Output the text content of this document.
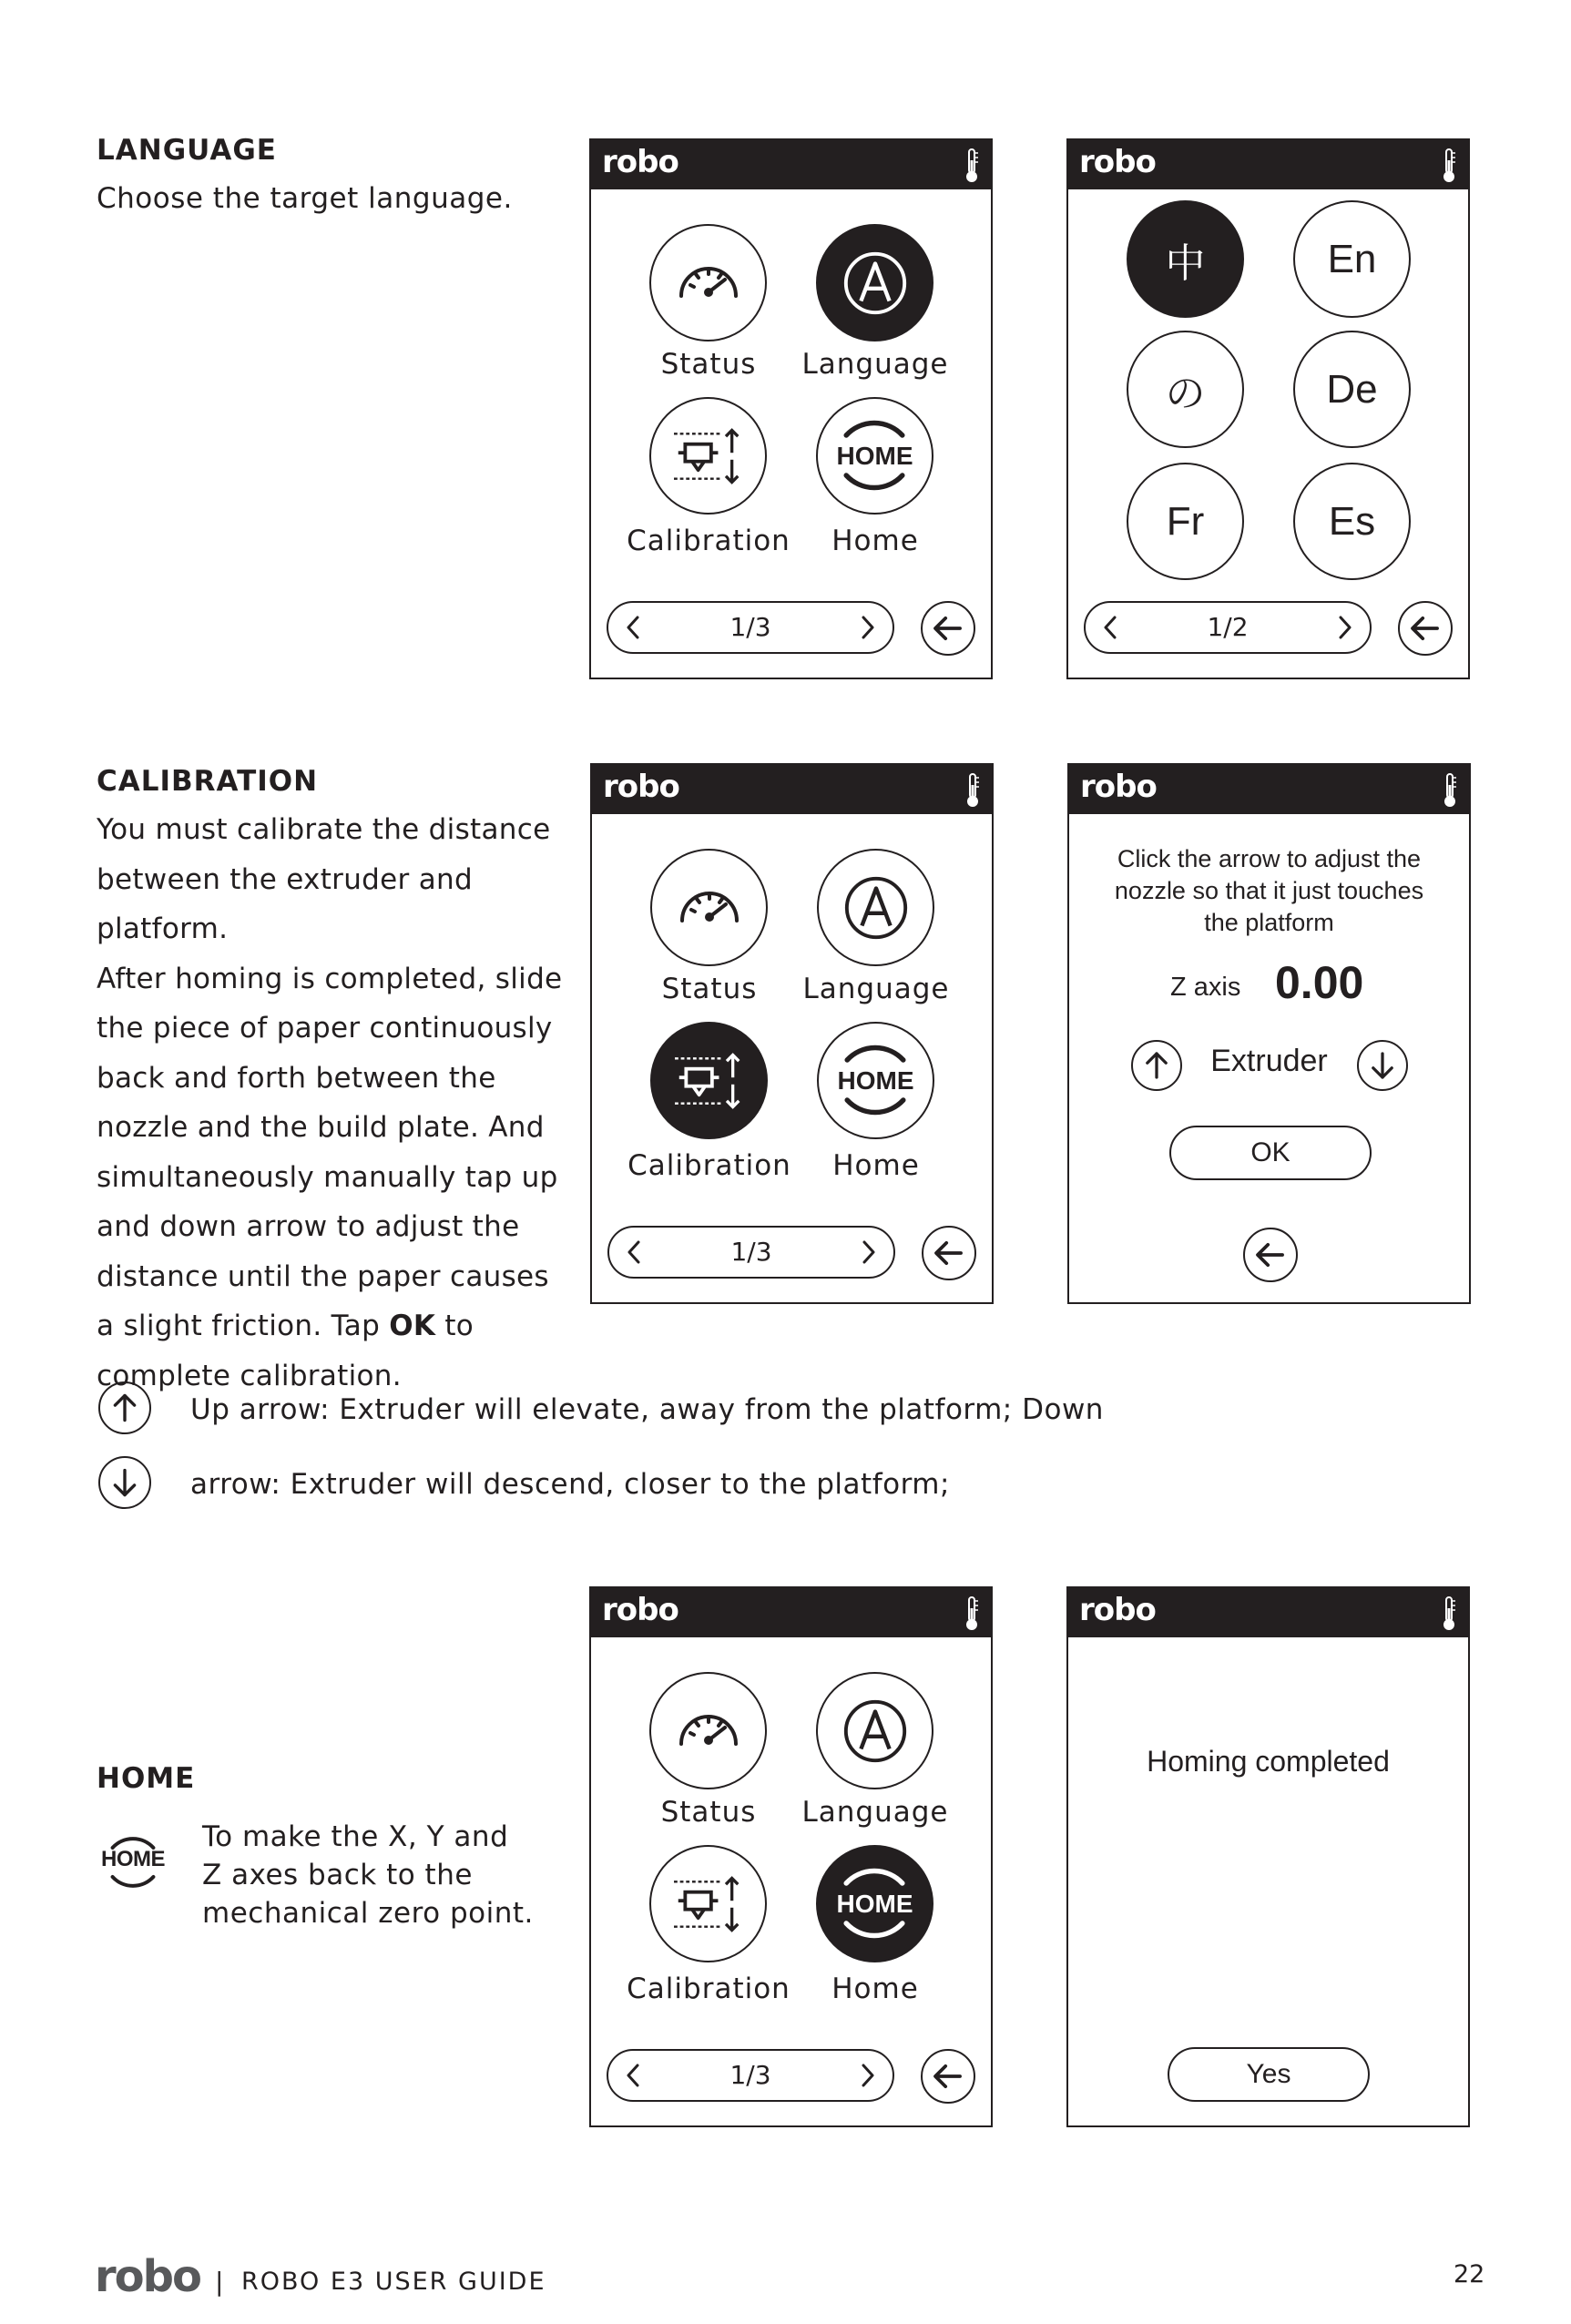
LANGUAGE
Choose the target language.
robo
Status	Language
HOME
Calibration	Home
1/3
robo
中	En
の	De
Fr	Es
1/2
CALIBRATION
You must calibrate the distance
between the extruder and platform.
After homing is completed, slide
the piece of paper continuously
back and forth between the
nozzle and the build plate. And
simultaneously manually tap up
and down arrow to adjust the
distance until the paper causes
a slight friction. Tap OK to
complete calibration.
robo
Status	Language
HOME
Calibration	Home
1/3
robo
Click the arrow to adjust the
nozzle so that it just touches
the platform
Z axis 0.00
Extruder
OK
Up arrow: Extruder will elevate, away from the platform; Down
arrow: Extruder will descend, closer to the platform;
HOME
HOME
To make the X, Y and
Z axes back to the
mechanical zero point.
robo
Status	Language
HOME
Calibration	Home
1/3
robo
Homing completed
Yes
robo | ROBO E3 USER GUIDE	22
